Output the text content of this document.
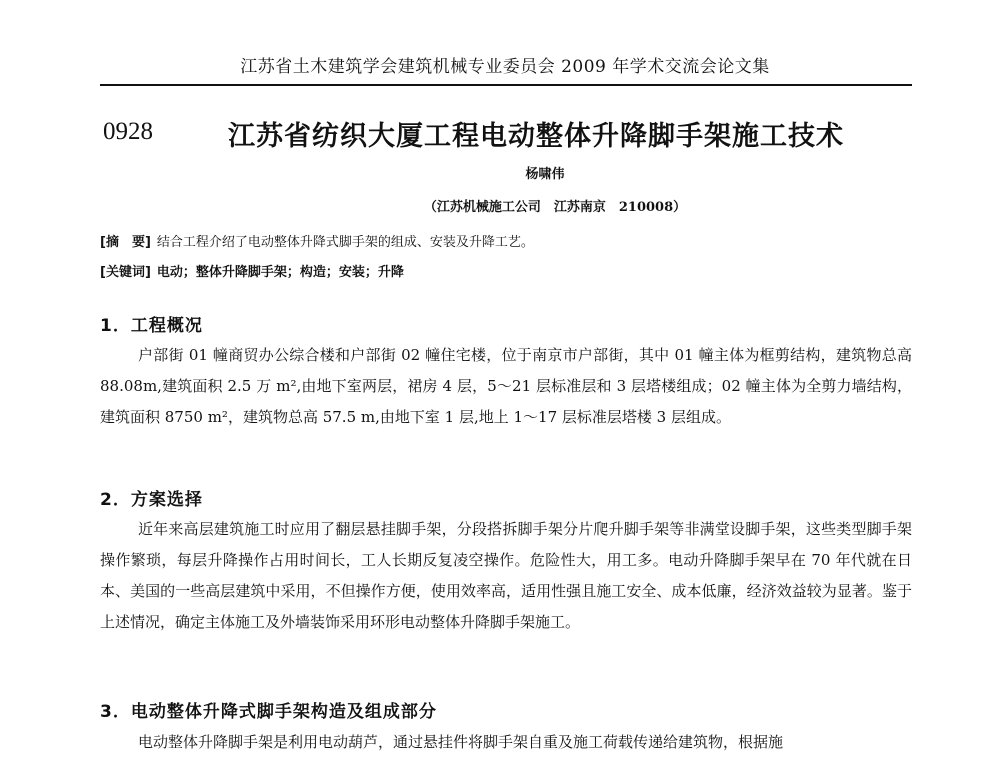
江苏省土木建筑学会建筑机械专业委员会 2009 年学术交流会论文集
0928	江苏省纺织大厦工程电动整体升降脚手架施工技术
杨啸伟
（江苏机械施工公司　江苏南京　210008）
[摘　要] 结合工程介绍了电动整体升降式脚手架的组成、安装及升降工艺。
[关键词] 电动；整体升降脚手架；构造；安装；升降
1．工程概况

户部街 01 幢商贸办公综合楼和户部街 02 幢住宅楼，位于南京市户部街，其中 01 幢主体为框剪结构，建筑物总高 88.08m,建筑面积 2.5 万 m²,由地下室两层，裙房 4 层，5～21 层标准层和 3 层塔楼组成；02 幢主体为全剪力墙结构，建筑面积 8750 m²，建筑物总高 57.5 m,由地下室 1 层,地上 1～17 层标准层塔楼 3 层组成。

2．方案选择

近年来高层建筑施工时应用了翻层悬挂脚手架，分段搭拆脚手架分片爬升脚手架等非满堂设脚手架，这些类型脚手架操作繁琐，每层升降操作占用时间长，工人长期反复凌空操作。危险性大，用工多。电动升降脚手架早在 70 年代就在日本、美国的一些高层建筑中采用，不但操作方便，使用效率高，适用性强且施工安全、成本低廉，经济效益较为显著。鉴于上述情况，确定主体施工及外墙装饰采用环形电动整体升降脚手架施工。

3．电动整体升降式脚手架构造及组成部分

电动整体升降脚手架是利用电动葫芦，通过悬挂件将脚手架自重及施工荷载传递给建筑物，根据施
